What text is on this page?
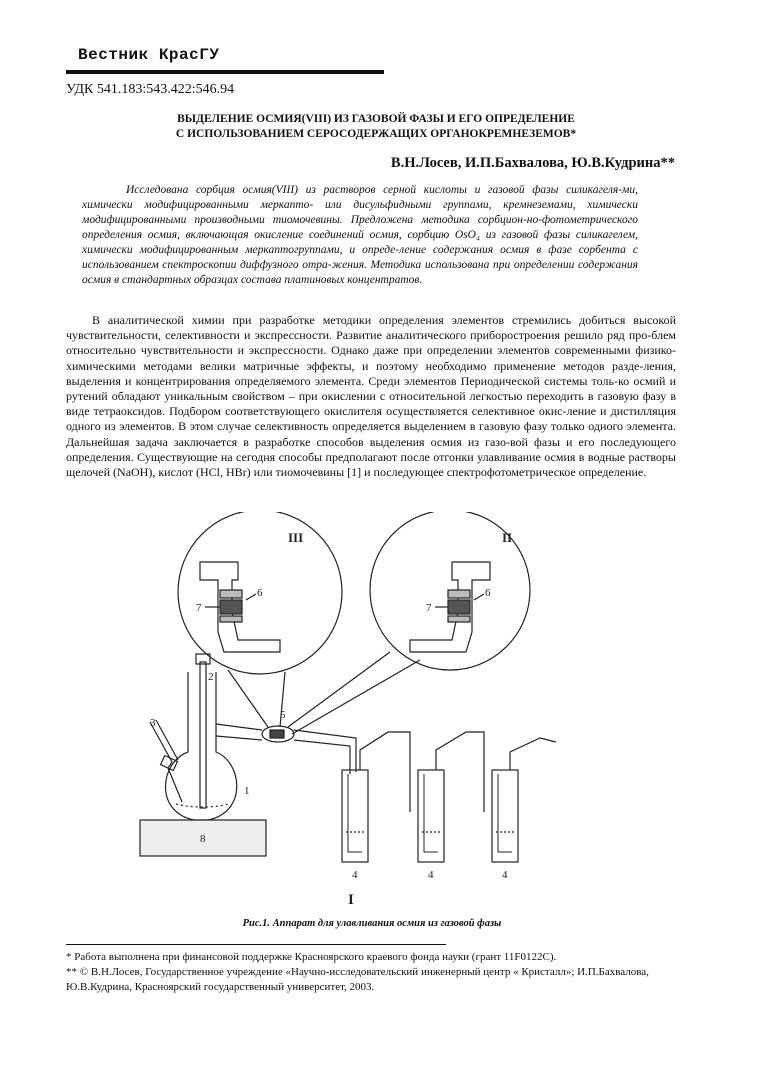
Вестник КрасГУ
УДК 541.183:543.422:546.94
ВЫДЕЛЕНИЕ ОСМИЯ(VIII) ИЗ ГАЗОВОЙ ФАЗЫ И ЕГО ОПРЕДЕЛЕНИЕ
С ИСПОЛЬЗОВАНИЕМ СЕРОСОДЕРЖАЩИХ ОРГАНОКРЕМНЕЗЕМОВ*
В.Н.Лосев, И.П.Бахвалова, Ю.В.Кудрина**
Исследована сорбция осмия(VIII) из растворов серной кислоты и газовой фазы силикагеля-ми, химически модифицированными меркапто- или дисульфидными группами, кремнеземами, химически модифицированными производными тиомочевины. Предложена методика сорбцион-но-фотометрического определения осмия, включающая окисление соединений осмия, сорбцию OsO₄ из газовой фазы силикагелем, химически модифицированным меркаптогруппами, и опреде-ление содержания осмия в фазе сорбента с использованием спектроскопии диффузного отра-жения. Методика использована при определении содержания осмия в стандартных образцах состава платиновых концентратов.

В аналитической химии при разработке методики определения элементов стремились добиться высокой чувствительности, селективности и экспрессности. Развитие аналитического приборостроения решило ряд про-блем относительно чувствительности и экспрессности. Однако даже при определении элементов современными физико-химическими методами велики матричные эффекты, и поэтому необходимо применение методов разде-ления, выделения и концентрирования определяемого элемента. Среди элементов Периодической системы толь-ко осмий и рутений обладают уникальным свойством – при окислении с относительной легкостью переходить в газовую фазу в виде тетраоксидов. Подбором соответствующего окислителя осуществляется селективное окис-ление и дистилляция одного из элементов. В этом случае селективность определяется выделением в газовую фазу только одного элемента. Дальнейшая задача заключается в разработке способов выделения осмия из газо-вой фазы и его последующего определения. Существующие на сегодня способы предполагают после отгонки улавливание осмия в водные растворы щелочей (NaOH), кислот (HCl, HBr) или тиомочевины [1] и последующее спектрофотометрическое определение.

7
6
III
7
6
II
5
1
2
3
8
4	4	4
I
Рис.1. Аппарат для улавливания осмия из газовой фазы
* Работа выполнена при финансовой поддержке Красноярского краевого фонда науки (грант 11F0122C).
** © В.Н.Лосев, Государственное учреждение «Научно-исследовательский инженерный центр « Кристалл»; И.П.Бахвалова, Ю.В.Кудрина, Красноярский государственный университет, 2003.
